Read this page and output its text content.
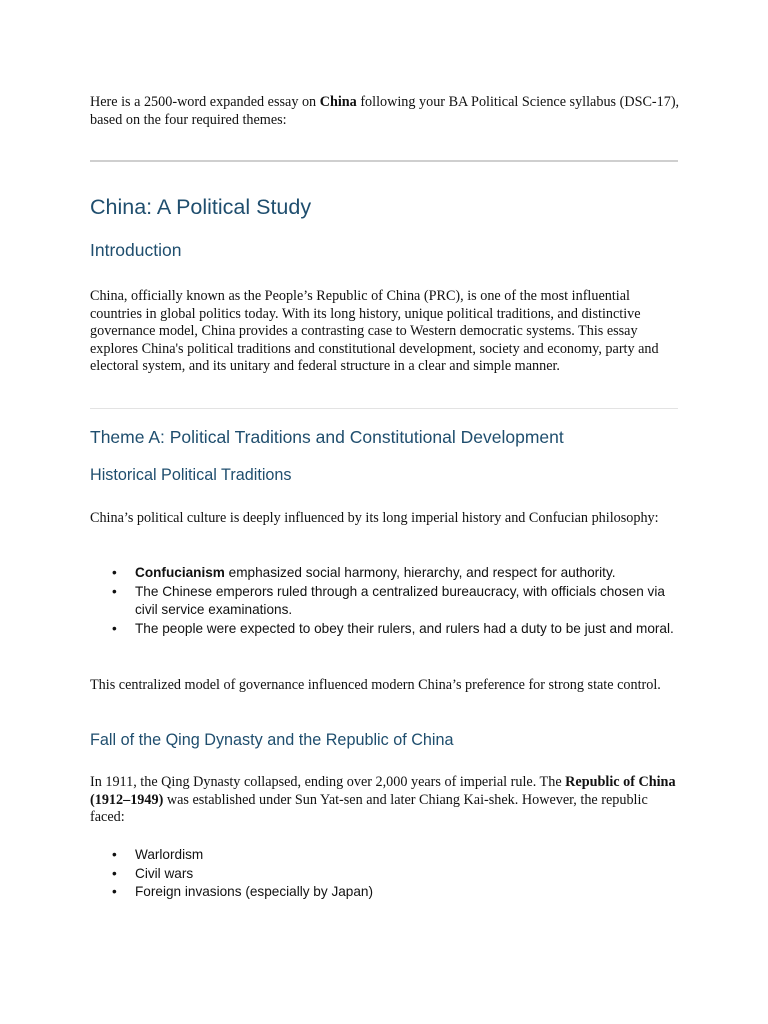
Here is a 2500-word expanded essay on China following your BA Political Science syllabus (DSC-17), based on the four required themes:

China: A Political Study
Introduction

China, officially known as the People’s Republic of China (PRC), is one of the most influential countries in global politics today. With its long history, unique political traditions, and distinctive governance model, China provides a contrasting case to Western democratic systems. This essay explores China's political traditions and constitutional development, society and economy, party and electoral system, and its unitary and federal structure in a clear and simple manner.

Theme A: Political Traditions and Constitutional Development
Historical Political Traditions

China’s political culture is deeply influenced by its long imperial history and Confucian philosophy:

• Confucianism emphasized social harmony, hierarchy, and respect for authority.
• The Chinese emperors ruled through a centralized bureaucracy, with officials chosen via civil service examinations.
• The people were expected to obey their rulers, and rulers had a duty to be just and moral.

This centralized model of governance influenced modern China’s preference for strong state control.

Fall of the Qing Dynasty and the Republic of China

In 1911, the Qing Dynasty collapsed, ending over 2,000 years of imperial rule. The Republic of China (1912–1949) was established under Sun Yat-sen and later Chiang Kai-shek. However, the republic faced:

• Warlordism
• Civil wars
• Foreign invasions (especially by Japan)
